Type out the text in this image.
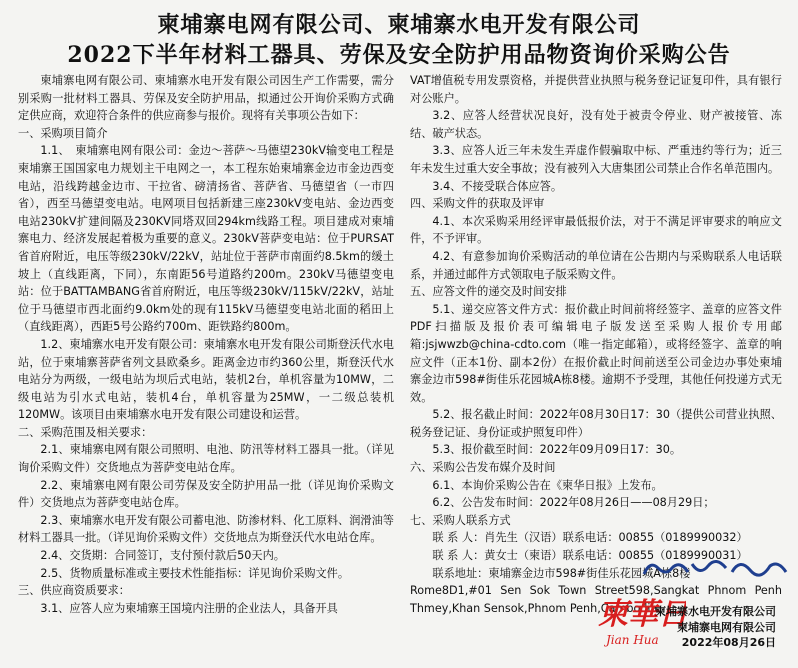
柬埔寨电网有限公司、柬埔寨水电开发有限公司
2022下半年材料工器具、劳保及安全防护用品物资询价采购公告

柬埔寨电网有限公司、柬埔寨水电开发有限公司因生产工作需要，需分别采购一批材料工器具、劳保及安全防护用品，拟通过公开询价采购方式确定供应商，欢迎符合条件的供应商参与报价。现将有关事项公告如下：

一、采购项目简介

1.1、　柬埔寨电网有限公司：金边～菩萨～马德望230kV输变电工程是柬埔寨王国国家电力规划主干电网之一，本工程东始柬埔寨金边市金边西变电站，沿线跨越金边市、干拉省、磅清扬省、菩萨省、马德望省（一市四省），西至马德望变电站。电网项目包括新建三座230kV变电站、金边西变电站230kV扩建间隔及230KV同塔双回294km线路工程。项目建成对柬埔寨电力、经济发展起着极为重要的意义。230kV菩萨变电站：位于PURSAT省首府附近，电压等级230kV/22kV，站址位于菩萨市南面约8.5km的缓土坡上（直线距离，下同），东南距56号道路约200m。230kV马德望变电站：位于BATTAMBANG省首府附近，电压等级230kV/115kV/22kV，站址位于马德望市西北面约9.0km处的现有115kV马德望变电站北面的稻田上（直线距离），西距5号公路约700m、距铁路约800m。

1.2、柬埔寨水电开发有限公司：柬埔寨水电开发有限公司斯登沃代水电站，位于柬埔寨菩萨省列文县欧桑乡。距离金边市约360公里，斯登沃代水电站分为两级，一级电站为坝后式电站，装机2台，单机容量为10MW，二级电站为引水式电站，装机4台，单机容量为25MW，一二级总装机120MW。该项目由柬埔寨水电开发有限公司建设和运营。

二、采购范围及相关要求：

2.1、柬埔寨电网有限公司照明、电池、防汛等材料工器具一批。（详见询价采购文件）交货地点为菩萨变电站仓库。

2.2、柬埔寨电网有限公司劳保及安全防护用品一批（详见询价采购文件）交货地点为菩萨变电站仓库。

2.3、柬埔寨水电开发有限公司蓄电池、防渗材料、化工原料、润滑油等材料工器具一批。（详见询价采购文件）交货地点为斯登沃代水电站仓库。

2.4、交货期：合同签订，支付预付款后50天内。

2.5、货物质量标准或主要技术性能指标：详见询价采购文件。

三、供应商资质要求：

3.1、应答人应为柬埔寨王国境内注册的企业法人，具备开具

VAT增值税专用发票资格，并提供营业执照与税务登记证复印件，具有银行对公账户。

3.2、应答人经营状况良好，没有处于被责令停业、财产被接管、冻结、破产状态。

3.3、应答人近三年未发生弄虚作假骗取中标、严重违约等行为；近三年未发生过重大安全事故；没有被列入大唐集团公司禁止合作名单范围内。

3.4、不接受联合体应答。

四、采购文件的获取及评审

4.1、本次采购采用经评审最低报价法，对于不满足评审要求的响应文件，不予评审。

4.2、有意参加询价采购活动的单位请在公告期内与采购联系人电话联系，并通过邮件方式领取电子版采购文件。

五、应答文件的递交及时间安排

5.1、递交应答文件方式：报价截止时间前将经签字、盖章的应答文件PDF扫描版及报价表可编辑电子版发送至采购人报价专用邮箱:jsjwwzb@china-cdto.com（唯一指定邮箱），或将经签字、盖章的响应文件（正本1份、副本2份）在报价截止时间前送至公司金边办事处柬埔寨金边市598#街佳乐花园城A栋8楼。逾期不予受理，其他任何投递方式无效。

5.2、报名截止时间：2022年08月30日17：30（提供公司营业执照、税务登记证、身份证或护照复印件）

5.3、报价截至时间：2022年09月09日17：30。

六、采购公告发布媒介及时间

6.1、本询价采购公告在《柬华日报》上发布。

6.2、公告发布时间：2022年08月26日——08月29日；

七、采购人联系方式

联 系 人：肖先生（汉语）联系电话：00855（0189990032）

联 系 人：黄女士（柬语）联系电话：00855（0189990031）

联系地址：柬埔寨金边市598#街佳乐花园城A栋8楼

Rome8D1,#01 Sen Sok Town Street598,Sangkat Phnom Penh Thmey,Khan Sensok,Phnom Penh,Cambodia

柬華日
Jian Hua
柬埔寨水电开发有限公司
柬埔寨电网有限公司
2022年08月26日
